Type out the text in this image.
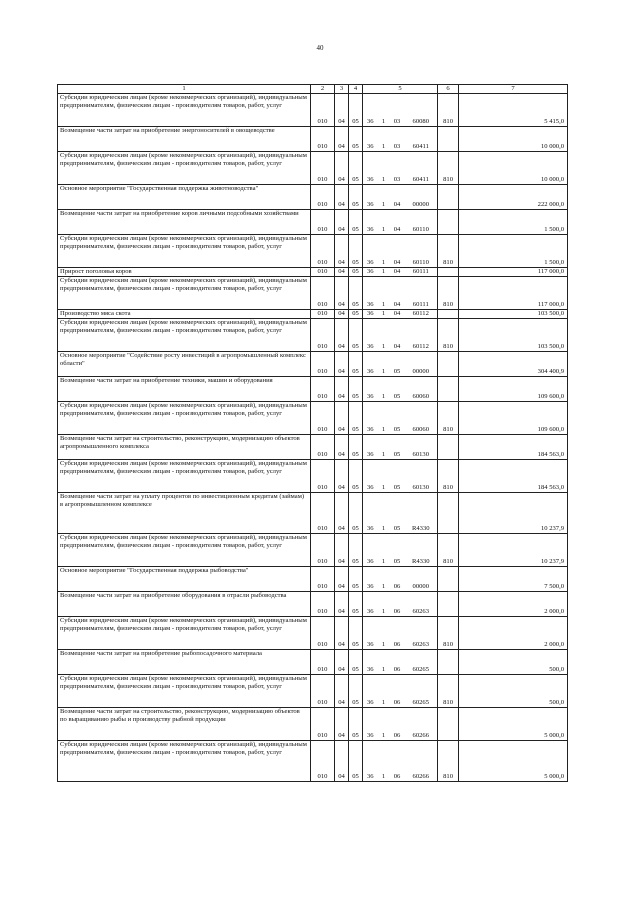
40
1	2	3	4	5				6	7
Субсидии юридическим лицам (кроме некоммерческих организаций), индивидуальным предпринимателям, физическим лицам - производителям товаров, работ, услуг	010	04	05	36	1	03	60080	810	5 415,0
Возмещение части затрат на приобретение энергоносителей в овощеводстве	010	04	05	36	1	03	60411		10 000,0
Субсидии юридическим лицам (кроме некоммерческих организаций), индивидуальным предпринимателям, физическим лицам - производителям товаров, работ, услуг	010	04	05	36	1	03	60411	810	10 000,0
Основное мероприятие "Государственная поддержка животноводства"	010	04	05	36	1	04	00000		222 000,0
Возмещение части затрат на приобретение коров личными подсобными хозяйствами	010	04	05	36	1	04	60110		1 500,0
Субсидии юридическим лицам (кроме некоммерческих организаций), индивидуальным предпринимателям, физическим лицам - производителям товаров, работ, услуг	010	04	05	36	1	04	60110	810	1 500,0
Прирост поголовья коров	010	04	05	36	1	04	60111		117 000,0
Субсидии юридическим лицам (кроме некоммерческих организаций), индивидуальным предпринимателям, физическим лицам - производителям товаров, работ, услуг	010	04	05	36	1	04	60111	810	117 000,0
Производство мяса скота	010	04	05	36	1	04	60112		103 500,0
Субсидии юридическим лицам (кроме некоммерческих организаций), индивидуальным предпринимателям, физическим лицам - производителям товаров, работ, услуг	010	04	05	36	1	04	60112	810	103 500,0
Основное мероприятие "Содействие росту инвестиций в агропромышленный комплекс области"	010	04	05	36	1	05	00000		304 400,9
Возмещение части затрат на приобретение техники, машин и оборудования	010	04	05	36	1	05	60060		109 600,0
Субсидии юридическим лицам (кроме некоммерческих организаций), индивидуальным предпринимателям, физическим лицам - производителям товаров, работ, услуг	010	04	05	36	1	05	60060	810	109 600,0
Возмещение части затрат на строительство, реконструкцию, модернизацию объектов агропромышленного комплекса	010	04	05	36	1	05	60130		184 563,0
Субсидии юридическим лицам (кроме некоммерческих организаций), индивидуальным предпринимателям, физическим лицам - производителям товаров, работ, услуг	010	04	05	36	1	05	60130	810	184 563,0
Возмещение части затрат на уплату процентов по инвестиционным кредитам (займам) в агропромышленном комплексе	010	04	05	36	1	05	R4330		10 237,9
Субсидии юридическим лицам (кроме некоммерческих организаций), индивидуальным предпринимателям, физическим лицам - производителям товаров, работ, услуг	010	04	05	36	1	05	R4330	810	10 237,9
Основное мероприятие "Государственная поддержка рыбоводства"	010	04	05	36	1	06	00000		7 500,0
Возмещение части затрат на приобретение оборудования в отрасли рыбоводства	010	04	05	36	1	06	60263		2 000,0
Субсидии юридическим лицам (кроме некоммерческих организаций), индивидуальным предпринимателям, физическим лицам - производителям товаров, работ, услуг	010	04	05	36	1	06	60263	810	2 000,0
Возмещение части затрат на приобретение рыбопосадочного материала	010	04	05	36	1	06	60265		500,0
Субсидии юридическим лицам (кроме некоммерческих организаций), индивидуальным предпринимателям, физическим лицам - производителям товаров, работ, услуг	010	04	05	36	1	06	60265	810	500,0
Возмещение части затрат на строительство, реконструкцию, модернизацию объектов по выращиванию рыбы и производству рыбной продукции	010	04	05	36	1	06	60266		5 000,0
Субсидии юридическим лицам (кроме некоммерческих организаций), индивидуальным предпринимателям, физическим лицам - производителям товаров, работ, услуг	010	04	05	36	1	06	60266	810	5 000,0
